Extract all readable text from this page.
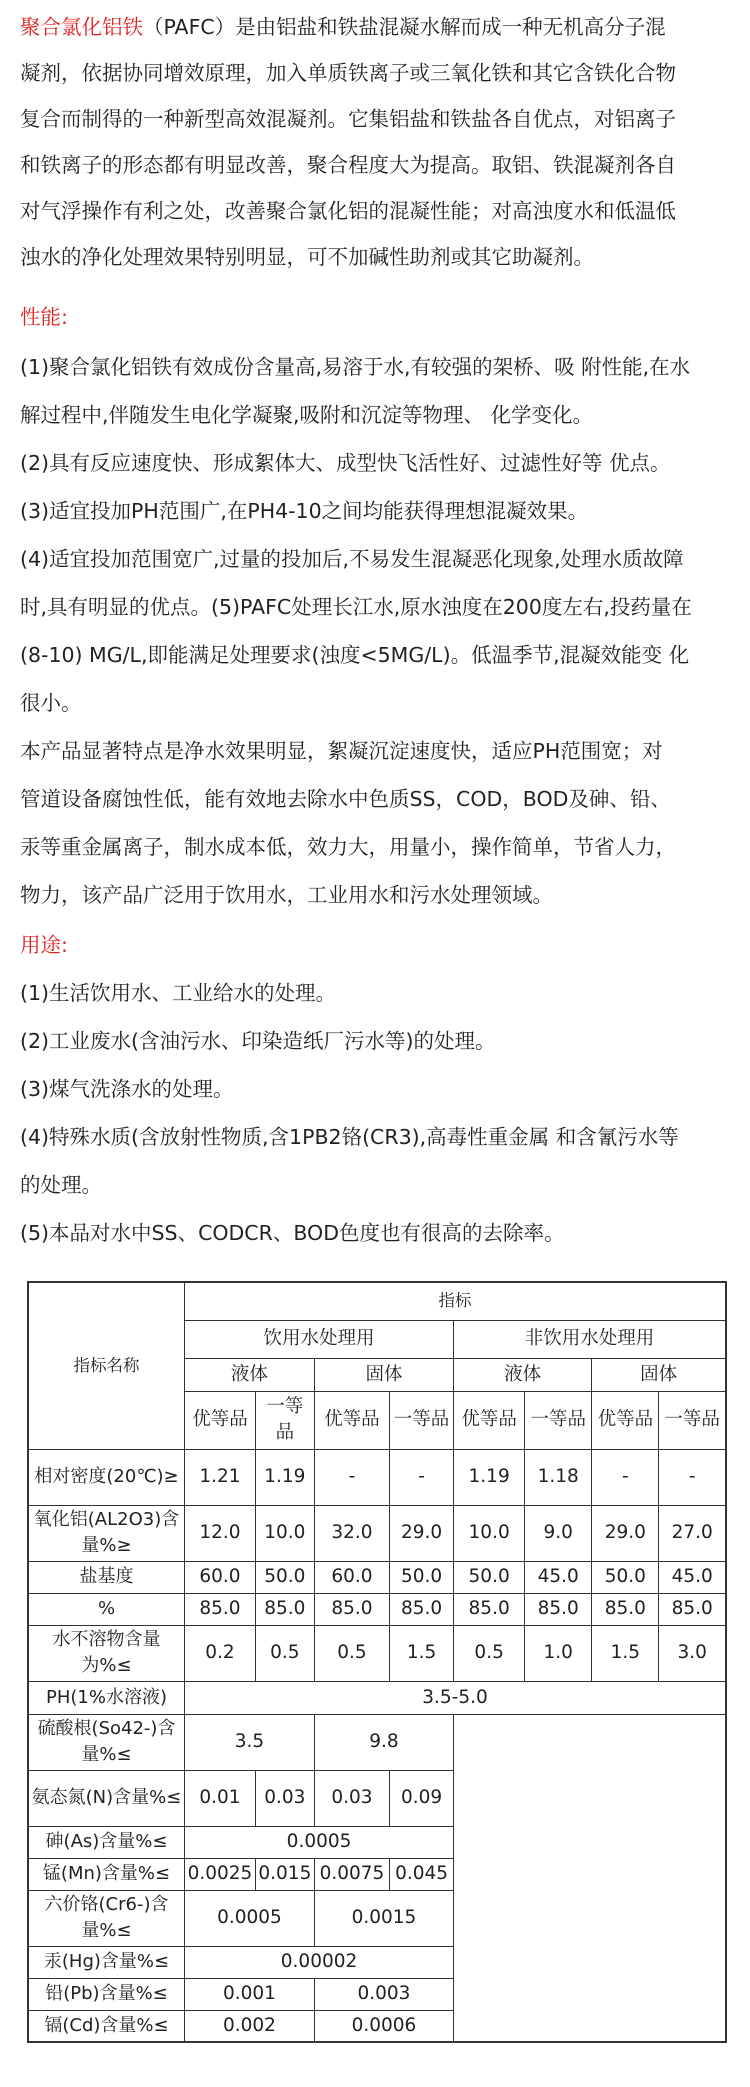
聚合氯化铝铁（PAFC）是由铝盐和铁盐混凝水解而成一种无机高分子混
凝剂，依据协同增效原理，加入单质铁离子或三氧化铁和其它含铁化合物
复合而制得的一种新型高效混凝剂。它集铝盐和铁盐各自优点，对铝离子
和铁离子的形态都有明显改善，聚合程度大为提高。取铝、铁混凝剂各自
对气浮操作有利之处，改善聚合氯化铝的混凝性能；对高浊度水和低温低
浊水的净化处理效果特别明显，可不加碱性助剂或其它助凝剂。
性能:
(1)聚合氯化铝铁有效成份含量高,易溶于水,有较强的架桥、吸 附性能,在水
解过程中,伴随发生电化学凝聚,吸附和沉淀等物理、 化学变化。
(2)具有反应速度快、形成絮体大、成型快飞活性好、过滤性好等 优点。
(3)适宜投加PH范围广,在PH4-10之间均能获得理想混凝效果。
(4)适宜投加范围宽广,过量的投加后,不易发生混凝恶化现象,处理水质故障
时,具有明显的优点。(5)PAFC处理长江水,原水浊度在200度左右,投药量在
(8-10) MG/L,即能满足处理要求(浊度<5MG/L)。低温季节,混凝效能变 化
很小。
本产品显著特点是净水效果明显，絮凝沉淀速度快，适应PH范围宽；对
管道设备腐蚀性低，能有效地去除水中色质SS，COD，BOD及砷、铅、
汞等重金属离子，制水成本低，效力大，用量小，操作简单，节省人力，
物力，该产品广泛用于饮用水，工业用水和污水处理领域。
用途:
(1)生活饮用水、工业给水的处理。
(2)工业废水(含油污水、印染造纸厂污水等)的处理。
(3)煤气洗涤水的处理。
(4)特殊水质(含放射性物质,含1PB2铬(CR3),高毒性重金属 和含氰污水等
的处理。
(5)本品对水中SS、CODCR、BOD色度也有很高的去除率。
指标名称	指标							
	饮用水处理用				非饮用水处理用			
	液体		固体		液体		固体	
	优等品	一等品	优等品	一等品	优等品	一等品	优等品	一等品
相对密度(20℃)≥	1.21	1.19	-	-	1.19	1.18	-	-
氧化铝(AL2O3)含量%≥	12.0	10.0	32.0	29.0	10.0	9.0	29.0	27.0
盐基度	60.0	50.0	60.0	50.0	50.0	45.0	50.0	45.0
%	85.0	85.0	85.0	85.0	85.0	85.0	85.0	85.0
水不溶物含量为%≤	0.2	0.5	0.5	1.5	0.5	1.0	1.5	3.0
PH(1%水溶液)	3.5-5.0							
硫酸根(So42-)含量%≤	3.5		9.8					
氨态氮(N)含量%≤	0.01	0.03	0.03	0.09				
砷(As)含量%≤	0.0005							
锰(Mn)含量%≤	0.0025	0.015	0.0075	0.045				
六价铬(Cr6-)含量%≤	0.0005		0.0015					
汞(Hg)含量%≤	0.00002							
铅(Pb)含量%≤	0.001		0.003					
镉(Cd)含量%≤	0.002		0.0006					
